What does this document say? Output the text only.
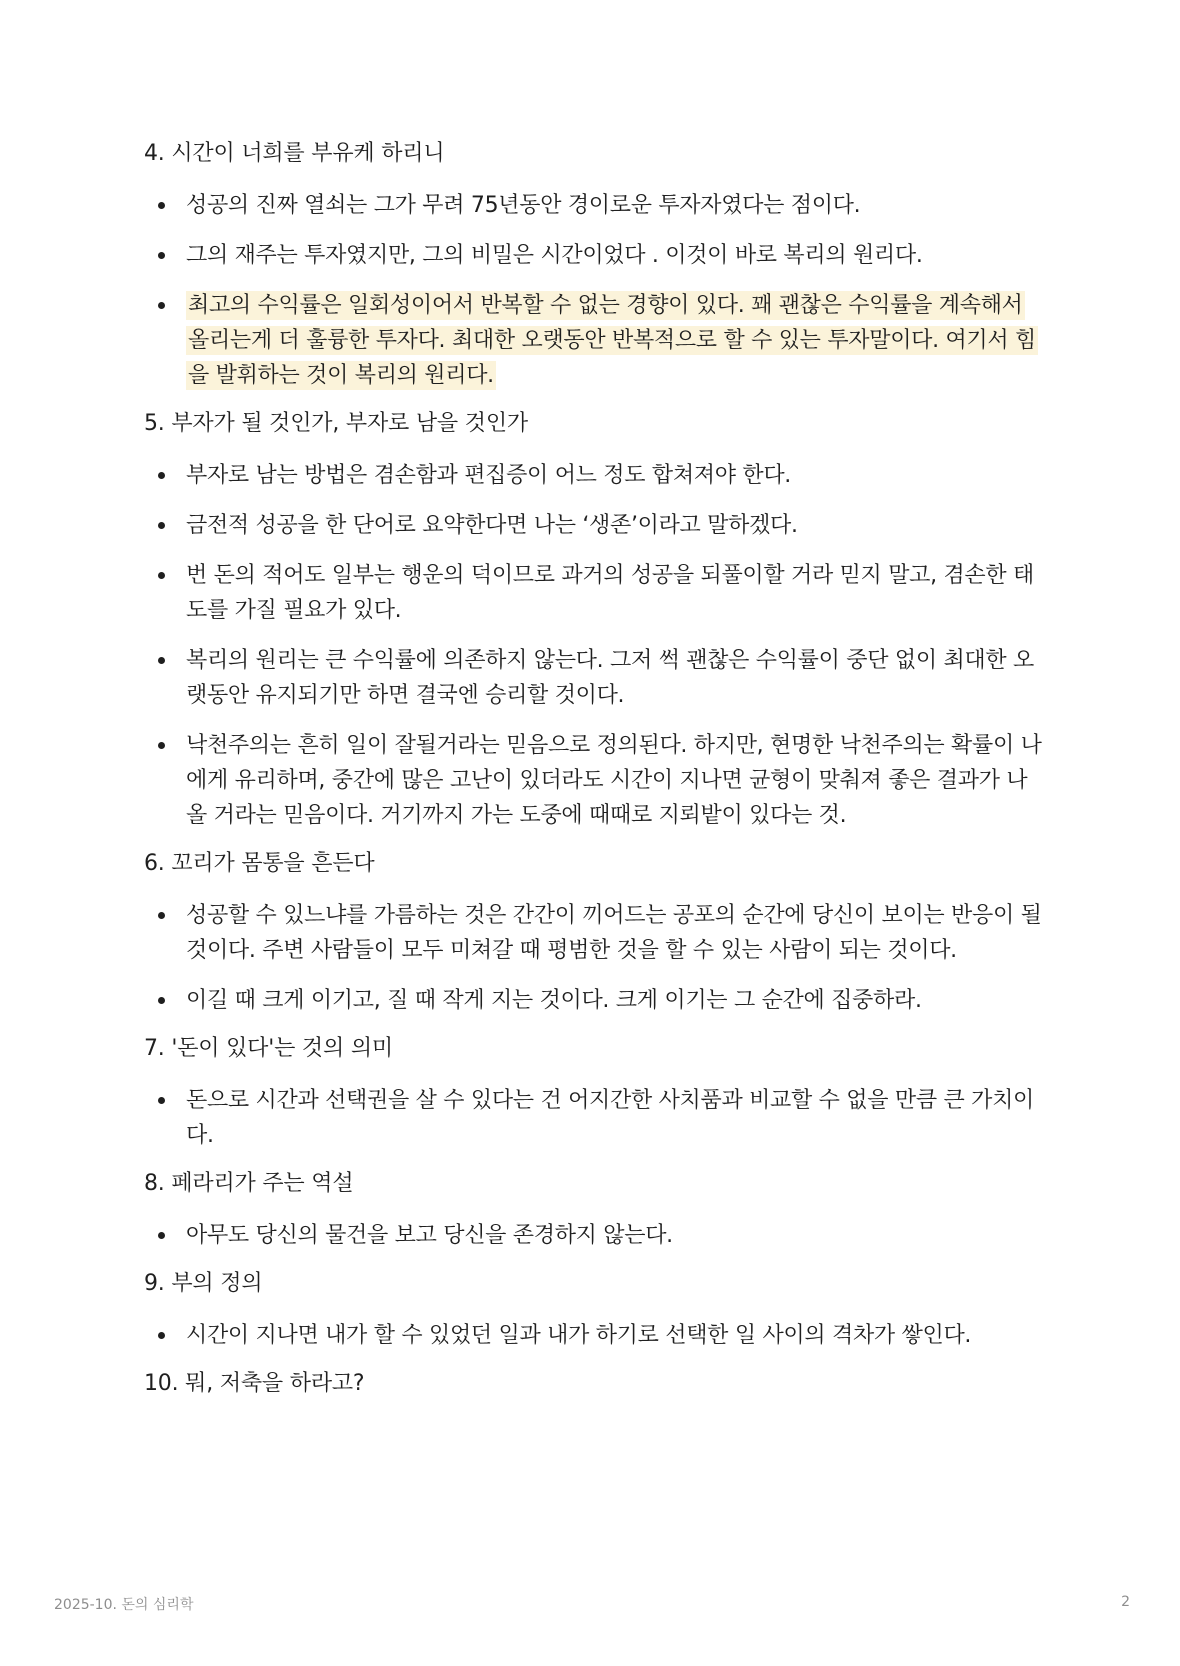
4. 시간이 너희를 부유케 하리니
성공의 진짜 열쇠는 그가 무려 75년동안 경이로운 투자자였다는 점이다.
그의 재주는 투자였지만, 그의 비밀은 시간이었다 . 이것이 바로 복리의 원리다.
최고의 수익률은 일회성이어서 반복할 수 없는 경향이 있다. 꽤 괜찮은 수익률을 계속해서 올리는게 더 훌륭한 투자다. 최대한 오랫동안 반복적으로 할 수 있는 투자말이다. 여기서 힘을 발휘하는 것이 복리의 원리다.
5. 부자가 될 것인가, 부자로 남을 것인가
부자로 남는 방법은 겸손함과 편집증이 어느 정도 합쳐져야 한다.
금전적 성공을 한 단어로 요약한다면 나는 ‘생존’이라고 말하겠다.
번 돈의 적어도 일부는 행운의 덕이므로 과거의 성공을 되풀이할 거라 믿지 말고, 겸손한 태도를 가질 필요가 있다.
복리의 원리는 큰 수익률에 의존하지 않는다. 그저 썩 괜찮은 수익률이 중단 없이 최대한 오랫동안 유지되기만 하면 결국엔 승리할 것이다.
낙천주의는 흔히 일이 잘될거라는 믿음으로 정의된다. 하지만, 현명한 낙천주의는 확률이 나에게 유리하며, 중간에 많은 고난이 있더라도 시간이 지나면 균형이 맞춰져 좋은 결과가 나올 거라는 믿음이다. 거기까지 가는 도중에 때때로 지뢰밭이 있다는 것.
6. 꼬리가 몸통을 흔든다
성공할 수 있느냐를 가름하는 것은 간간이 끼어드는 공포의 순간에 당신이 보이는 반응이 될 것이다. 주변 사람들이 모두 미쳐갈 때 평범한 것을 할 수 있는 사람이 되는 것이다.
이길 때 크게 이기고, 질 때 작게 지는 것이다. 크게 이기는 그 순간에 집중하라.
7. '돈이 있다'는 것의 의미
돈으로 시간과 선택권을 살 수 있다는 건 어지간한 사치품과 비교할 수 없을 만큼 큰 가치이다.
8. 페라리가 주는 역설
아무도 당신의 물건을 보고 당신을 존경하지 않는다.
9. 부의 정의
시간이 지나면 내가 할 수 있었던 일과 내가 하기로 선택한 일 사이의 격차가 쌓인다.
10. 뭐, 저축을 하라고?
2025-10. 돈의 심리학	2
